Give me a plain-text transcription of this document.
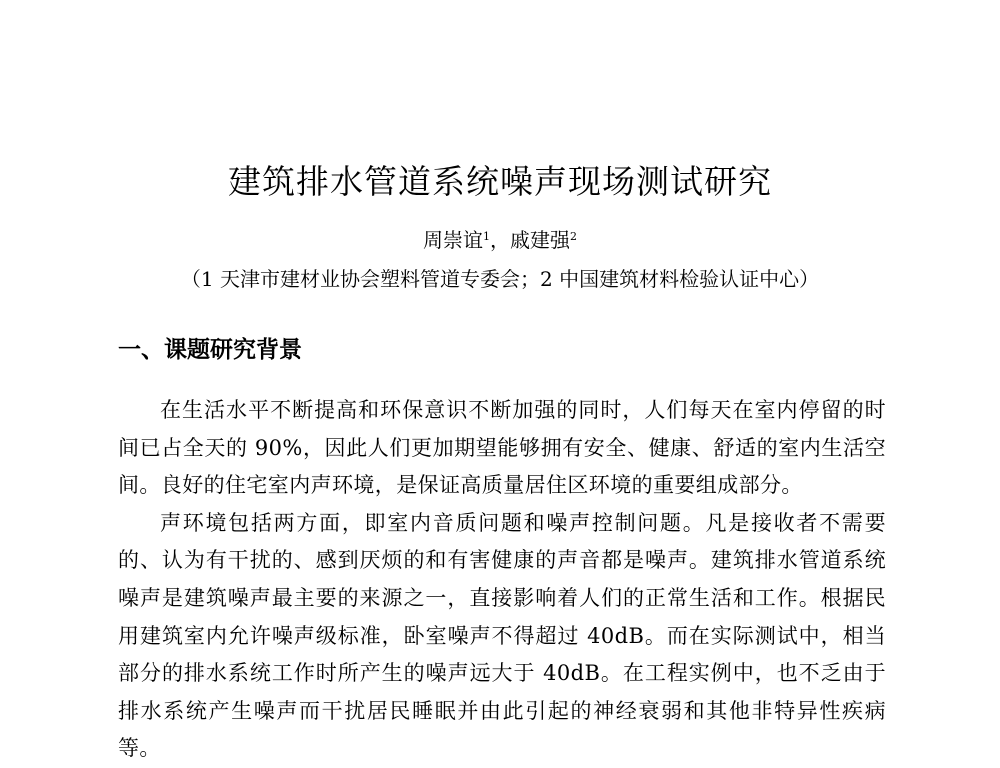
建筑排水管道系统噪声现场测试研究
周崇谊$^1$，戚建强$^2$
（1 天津市建材业协会塑料管道专委会；2 中国建筑材料检验认证中心）
一、课题研究背景

在生活水平不断提高和环保意识不断加强的同时，人们每天在室内停留的时间已占全天的 90%，因此人们更加期望能够拥有安全、健康、舒适的室内生活空间。良好的住宅室内声环境，是保证高质量居住区环境的重要组成部分。

声环境包括两方面，即室内音质问题和噪声控制问题。凡是接收者不需要的、认为有干扰的、感到厌烦的和有害健康的声音都是噪声。建筑排水管道系统噪声是建筑噪声最主要的来源之一，直接影响着人们的正常生活和工作。根据民用建筑室内允许噪声级标准，卧室噪声不得超过 40dB。而在实际测试中，相当部分的排水系统工作时所产生的噪声远大于 40dB。在工程实例中，也不乏由于排水系统产生噪声而干扰居民睡眠并由此引起的神经衰弱和其他非特异性疾病等。
